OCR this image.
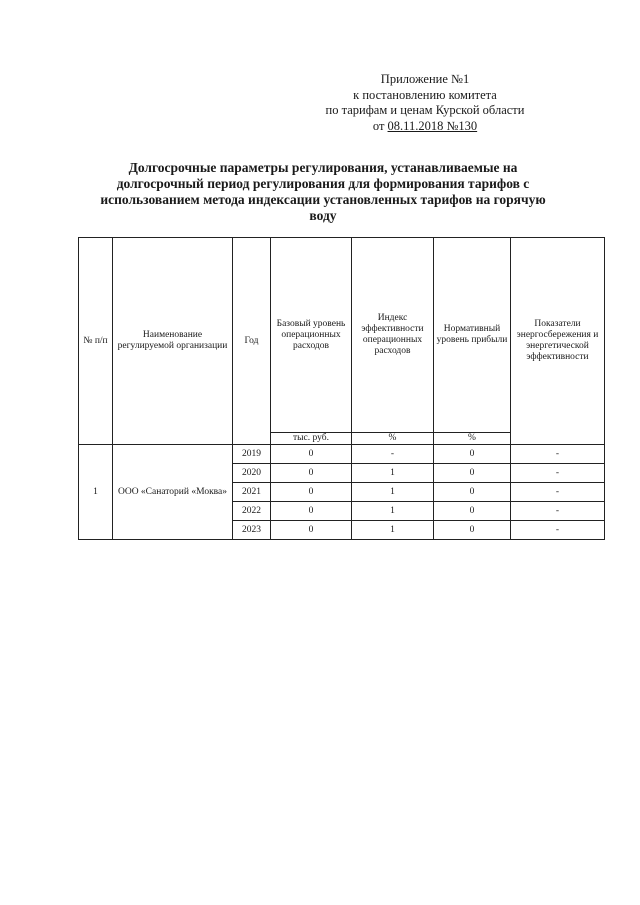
Приложение №1
к постановлению комитета
по тарифам и ценам Курской области
от 08.11.2018 №130
Долгосрочные параметры регулирования, устанавливаемые на долгосрочный период регулирования для формирования тарифов с использованием метода индексации установленных тарифов на горячую воду
№ п/п	Наименование регулируемой организации	Год	Базовый уровень операционных расходов	Индекс эффективности операционных расходов	Нормативный уровень прибыли	Показатели энергосбережения и энергетической эффективности
			тыс. руб.	%	%	
1	ООО «Санаторий «Моква»	2019	0	-	0	-
		2020	0	1	0	-
		2021	0	1	0	-
		2022	0	1	0	-
		2023	0	1	0	-
